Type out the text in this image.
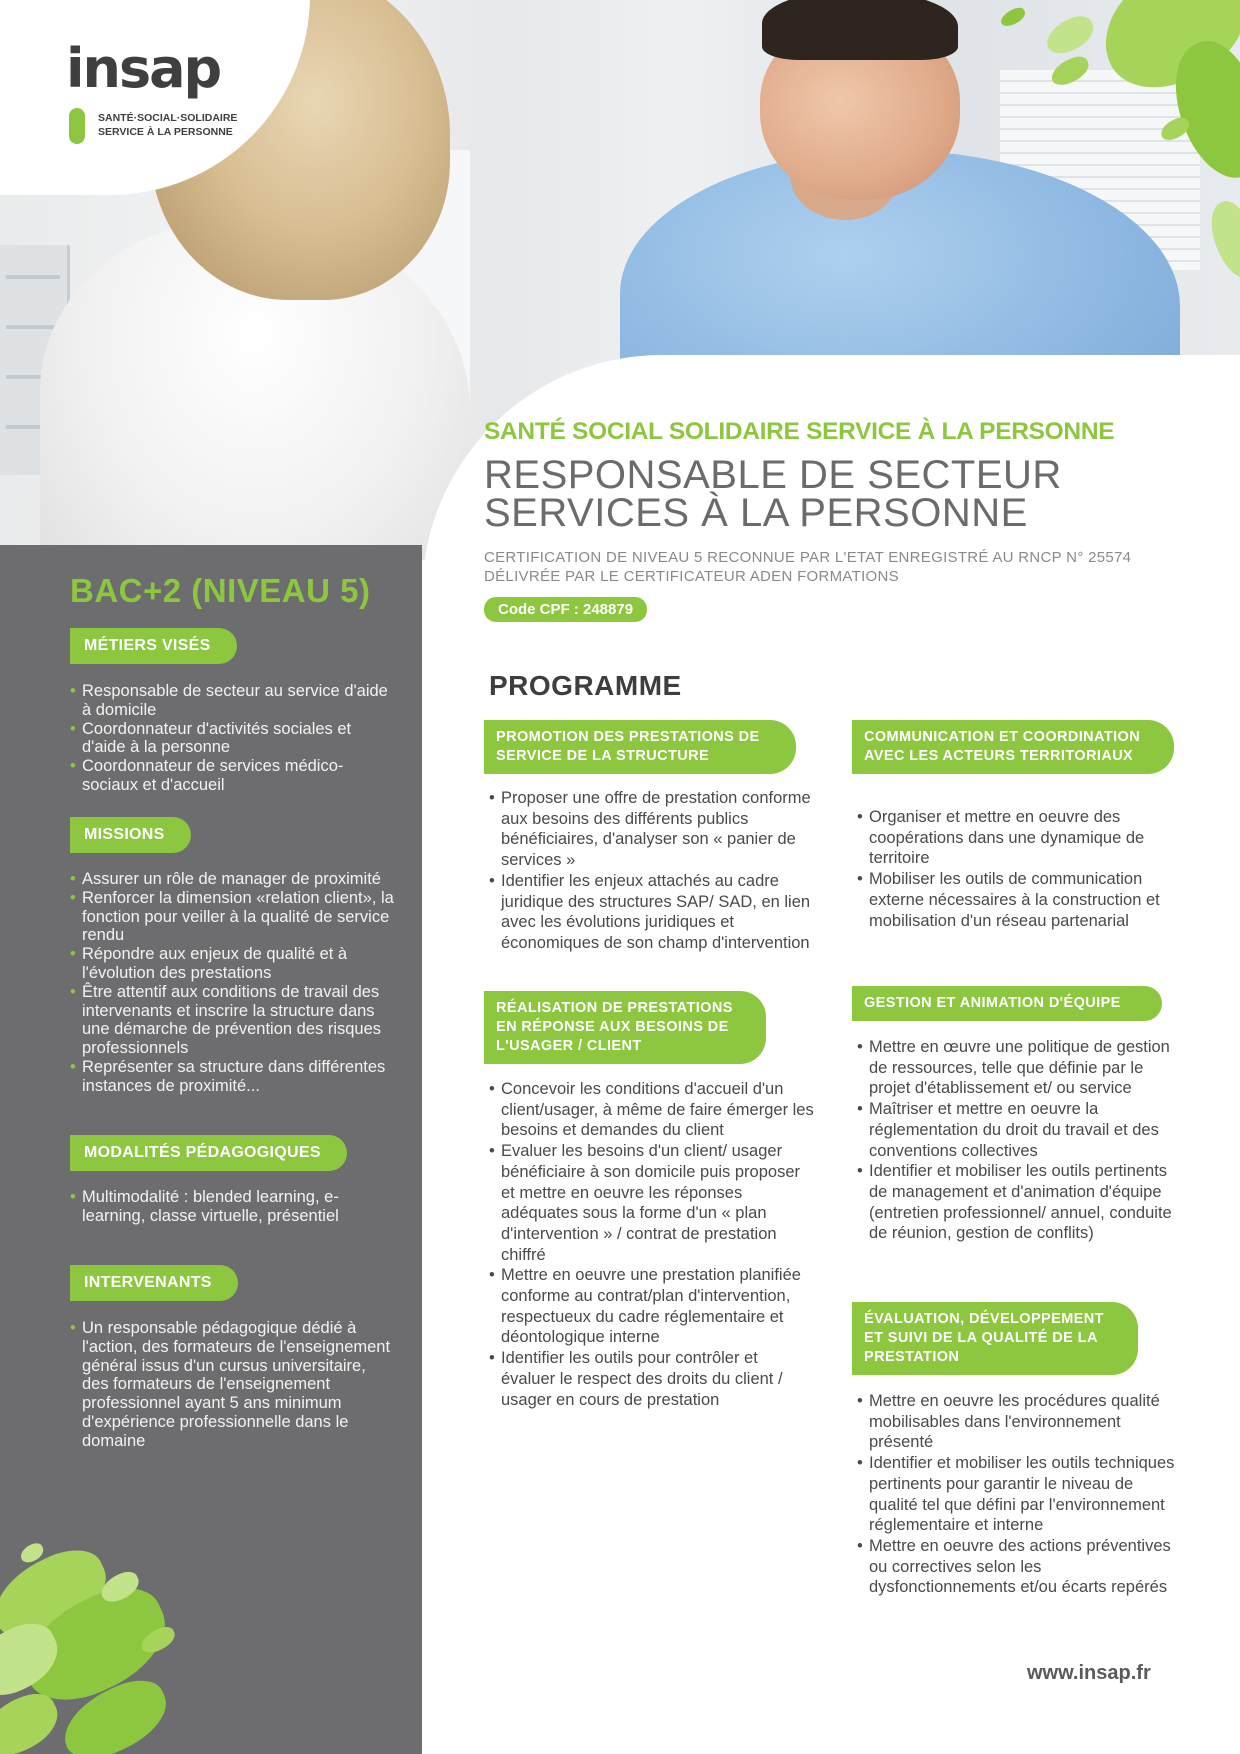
insap
SANTÉ·SOCIAL·SOLIDAIRE
SERVICE À LA PERSONNE
BAC+2 (NIVEAU 5)
MÉTIERS VISÉS
• Responsable de secteur au service d'aide à domicile
• Coordonnateur d'activités sociales et d'aide à la personne
• Coordonnateur de services médico-sociaux et d'accueil
MISSIONS
• Assurer un rôle de manager de proximité
• Renforcer la dimension «relation client», la fonction pour veiller à la qualité de service rendu
• Répondre aux enjeux de qualité et à l'évolution des prestations
• Être attentif aux conditions de travail des intervenants et inscrire la structure dans une démarche de prévention des risques professionnels
• Représenter sa structure dans différentes instances de proximité...
MODALITÉS PÉDAGOGIQUES
• Multimodalité : blended learning, e-learning, classe virtuelle, présentiel
INTERVENANTS
• Un responsable pédagogique dédié à l'action, des formateurs de l'enseignement général issus d'un cursus universitaire, des formateurs de l'enseignement professionnel ayant 5 ans minimum d'expérience professionnelle dans le domaine
SANTÉ SOCIAL SOLIDAIRE SERVICE À LA PERSONNE
RESPONSABLE DE SECTEUR
SERVICES À LA PERSONNE
CERTIFICATION DE NIVEAU 5 RECONNUE PAR L'ETAT ENREGISTRÉ AU RNCP N° 25574 DÉLIVRÉE PAR LE CERTIFICATEUR ADEN FORMATIONS
Code CPF : 248879
PROGRAMME
PROMOTION DES PRESTATIONS DE SERVICE DE LA STRUCTURE
• Proposer une offre de prestation conforme aux besoins des différents publics bénéficiaires, d'analyser son « panier de services »
• Identifier les enjeux attachés au cadre juridique des structures SAP/ SAD, en lien avec les évolutions juridiques et économiques de son champ d'intervention
RÉALISATION DE PRESTATIONS EN RÉPONSE AUX BESOINS DE L'USAGER / CLIENT
• Concevoir les conditions d'accueil d'un client/usager, à même de faire émerger les besoins et demandes du client
• Evaluer les besoins d'un client/ usager bénéficiaire à son domicile puis proposer et mettre en oeuvre les réponses adéquates sous la forme d'un « plan d'intervention » / contrat de prestation chiffré
• Mettre en oeuvre une prestation planifiée conforme au contrat/plan d'intervention, respectueux du cadre réglementaire et déontologique interne
• Identifier les outils pour contrôler et évaluer le respect des droits du client / usager en cours de prestation
COMMUNICATION ET COORDINATION AVEC LES ACTEURS TERRITORIAUX
• Organiser et mettre en oeuvre des coopérations dans une dynamique de territoire
• Mobiliser les outils de communication externe nécessaires à la construction et mobilisation d'un réseau partenarial
GESTION ET ANIMATION D'ÉQUIPE
• Mettre en œuvre une politique de gestion de ressources, telle que définie par le projet d'établissement et/ ou service
• Maîtriser et mettre en oeuvre la réglementation du droit du travail et des conventions collectives
• Identifier et mobiliser les outils pertinents de management et d'animation d'équipe (entretien professionnel/ annuel, conduite de réunion, gestion de conflits)
ÉVALUATION, DÉVELOPPEMENT ET SUIVI DE LA QUALITÉ DE LA PRESTATION
• Mettre en oeuvre les procédures qualité mobilisables dans l'environnement présenté
• Identifier et mobiliser les outils techniques pertinents pour garantir le niveau de qualité tel que défini par l'environnement réglementaire et interne
• Mettre en oeuvre des actions préventives ou correctives selon les dysfonctionnements et/ou écarts repérés
www.insap.fr
